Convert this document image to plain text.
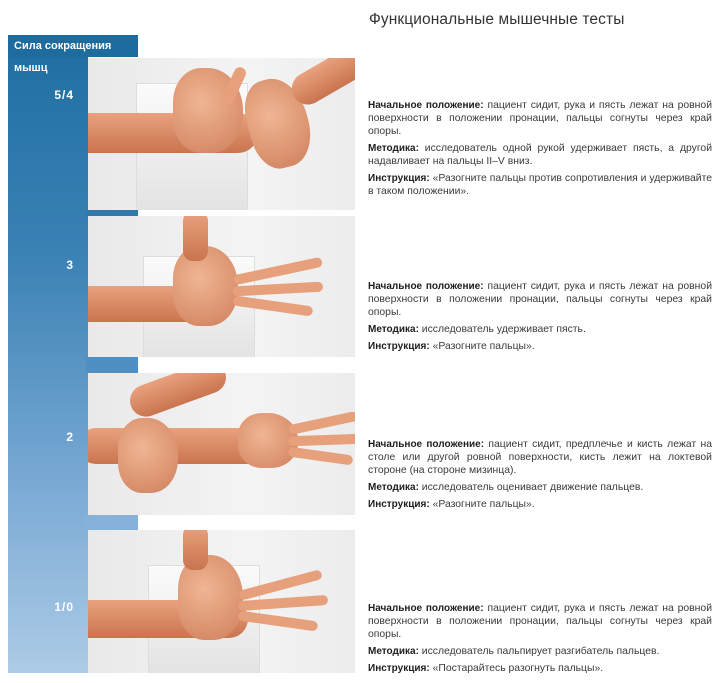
Функциональные мышечные тесты
Сила сокращения мышц
5/4
3
2
1/0

Начальное положение: пациент сидит, рука и пясть лежат на ровной поверхности в положении пронации, пальцы согнуты через край опоры.

Методика: исследователь одной рукой удерживает пясть, а другой надавливает на пальцы II–V вниз.

Инструкция: «Разогните пальцы против сопротивления и удерживайте в таком положении».

Начальное положение: пациент сидит, рука и пясть лежат на ровной поверхности в положении пронации, пальцы согнуты через край опоры.

Методика: исследователь удерживает пясть.

Инструкция: «Разогните пальцы».

Начальное положение: пациент сидит, предплечье и кисть лежат на столе или другой ровной поверхности, кисть лежит на локтевой стороне (на стороне мизинца).

Методика: исследователь оценивает движение пальцев.

Инструкция: «Разогните пальцы».

Начальное положение: пациент сидит, рука и пясть лежат на ровной поверхности в положении пронации, пальцы согнуты через край опоры.

Методика: исследователь пальпирует разгибатель пальцев.

Инструкция: «Постарайтесь разогнуть пальцы».
